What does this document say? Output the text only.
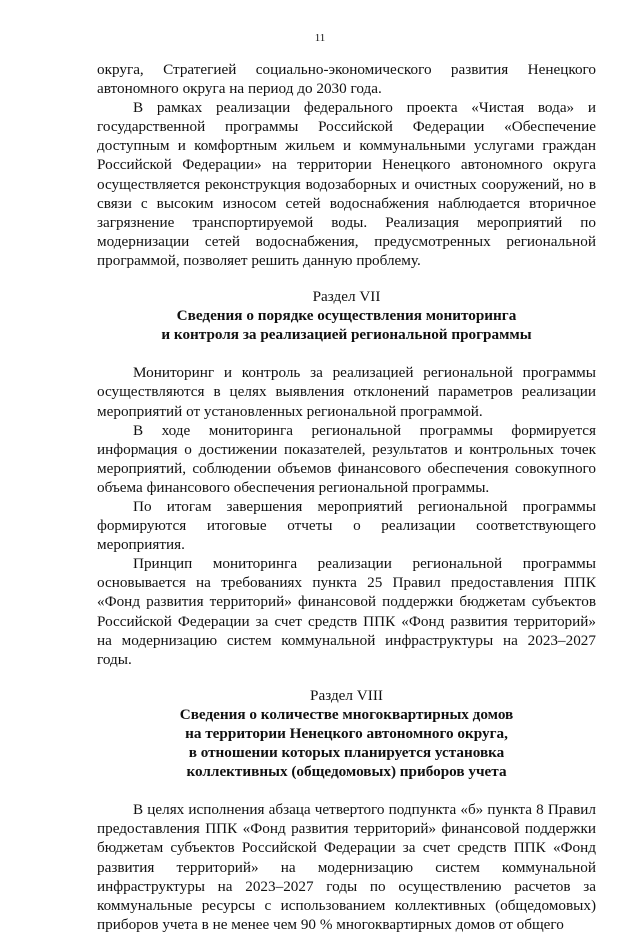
11

округа, Стратегией социально-экономического развития Ненецкого автономного округа на период до 2030 года.

В рамках реализации федерального проекта «Чистая вода» и государственной программы Российской Федерации «Обеспечение доступным и комфортным жильем и коммунальными услугами граждан Российской Федерации» на территории Ненецкого автономного округа осуществляется реконструкция водозаборных и очистных сооружений, но в связи с высоким износом сетей водоснабжения наблюдается вторичное загрязнение транспортируемой воды. Реализация мероприятий по модернизации сетей водоснабжения, предусмотренных региональной программой, позволяет решить данную проблему.

Раздел VII
Сведения о порядке осуществления мониторинга
и контроля за реализацией региональной программы

Мониторинг и контроль за реализацией региональной программы осуществляются в целях выявления отклонений параметров реализации мероприятий от установленных региональной программой.

В ходе мониторинга региональной программы формируется информация о достижении показателей, результатов и контрольных точек мероприятий, соблюдении объемов финансового обеспечения совокупного объема финансового обеспечения региональной программы.

По итогам завершения мероприятий региональной программы формируются итоговые отчеты о реализации соответствующего мероприятия.

Принцип мониторинга реализации региональной программы основывается на требованиях пункта 25 Правил предоставления ППК «Фонд развития территорий» финансовой поддержки бюджетам субъектов Российской Федерации за счет средств ППК «Фонд развития территорий» на модернизацию систем коммунальной инфраструктуры на 2023–2027 годы.

Раздел VIII
Сведения о количестве многоквартирных домов
на территории Ненецкого автономного округа,
в отношении которых планируется установка
коллективных (общедомовых) приборов учета

В целях исполнения абзаца четвертого подпункта «б» пункта 8 Правил предоставления ППК «Фонд развития территорий» финансовой поддержки бюджетам субъектов Российской Федерации за счет средств ППК «Фонд развития территорий» на модернизацию систем коммунальной инфраструктуры на 2023–2027 годы по осуществлению расчетов за коммунальные ресурсы с использованием коллективных (общедомовых) приборов учета в не менее чем 90 % многоквартирных домов от общего
